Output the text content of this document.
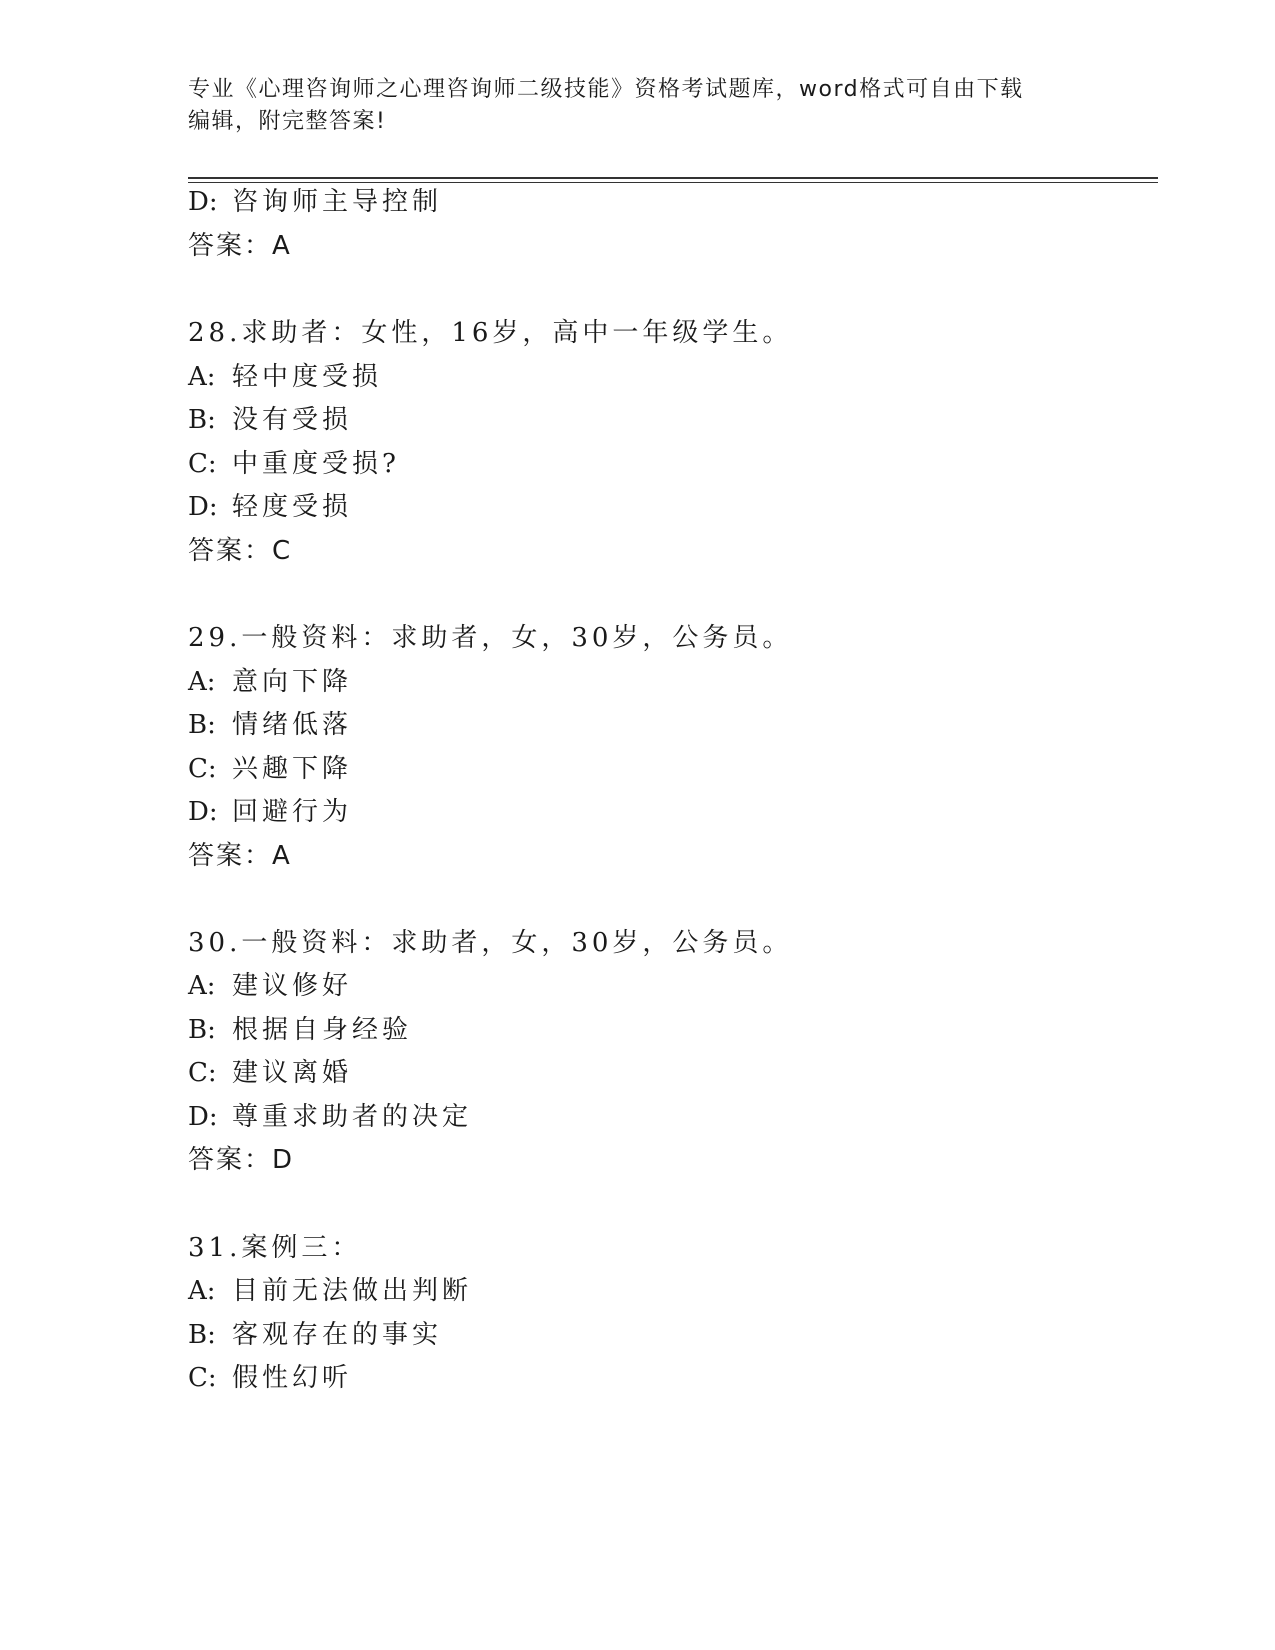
专业《心理咨询师之心理咨询师二级技能》资格考试题库，word格式可自由下载
编辑，附完整答案!
D: 咨询师主导控制
答案：A
28.求助者：女性，16岁，高中一年级学生。
A: 轻中度受损
B: 没有受损
C: 中重度受损?
D: 轻度受损
答案：C
29.一般资料：求助者，女，30岁，公务员。
A: 意向下降
B: 情绪低落
C: 兴趣下降
D: 回避行为
答案：A
30.一般资料：求助者，女，30岁，公务员。
A: 建议修好
B: 根据自身经验
C: 建议离婚
D: 尊重求助者的决定
答案：D
31.案例三：
A: 目前无法做出判断
B: 客观存在的事实
C: 假性幻听
